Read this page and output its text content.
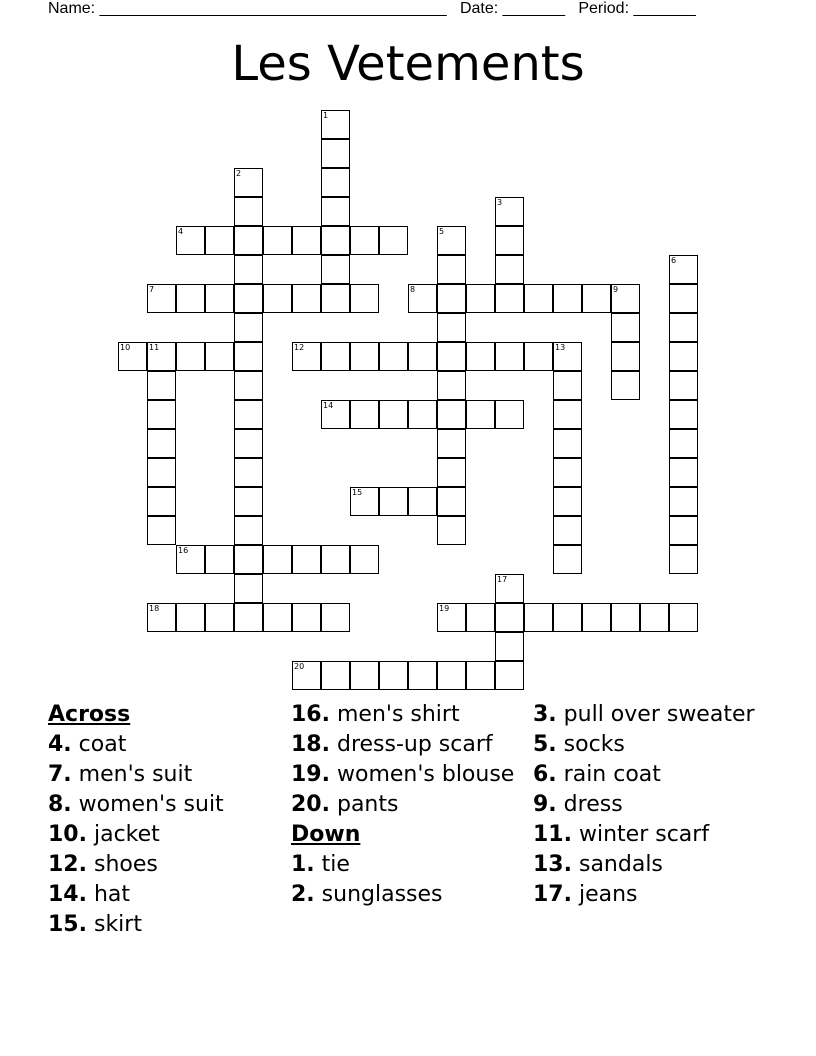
Name: _______________________________________ Date: _______ Period: _______
Les Vetements
1
2
3
4	5
6
7	8	9
10 11	12	13
14
15
16
17
18	19
20
Across
4. coat
7. men's suit
8. women's suit
10. jacket
12. shoes
14. hat
15. skirt
16. men's shirt
18. dress-up scarf
19. women's blouse
20. pants
Down
1. tie
2. sunglasses
3. pull over sweater
5. socks
6. rain coat
9. dress
11. winter scarf
13. sandals
17. jeans
